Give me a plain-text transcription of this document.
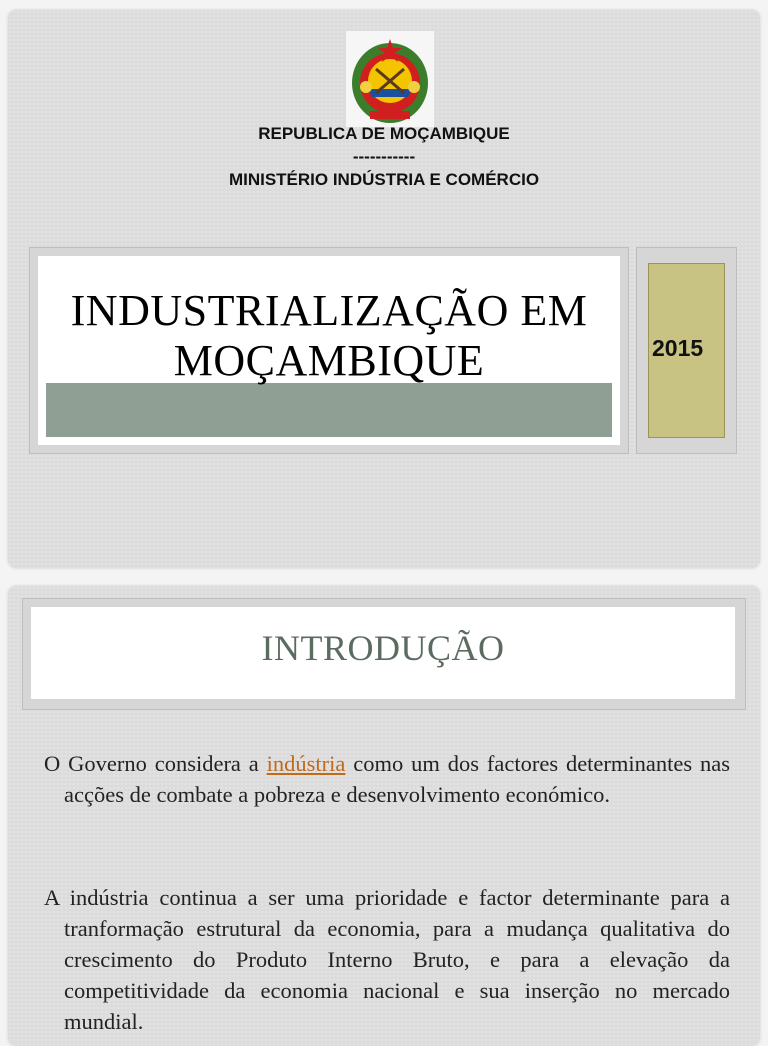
REPUBLICA DE MOÇAMBIQUE
-----------
MINISTÉRIO INDÚSTRIA E COMÉRCIO
INDUSTRIALIZAÇÃO EM
MOÇAMBIQUE	2015
INTRODUÇÃO
O Governo considera a indústria como um dos factores determinantes nas acções de combate a pobreza e desenvolvimento económico.
A indústria continua a ser uma prioridade e factor determinante para a tranformação estrutural da economia, para a mudança qualitativa do crescimento do Produto Interno Bruto, e para a elevação da competitividade da economia nacional e sua inserção no mercado mundial.
